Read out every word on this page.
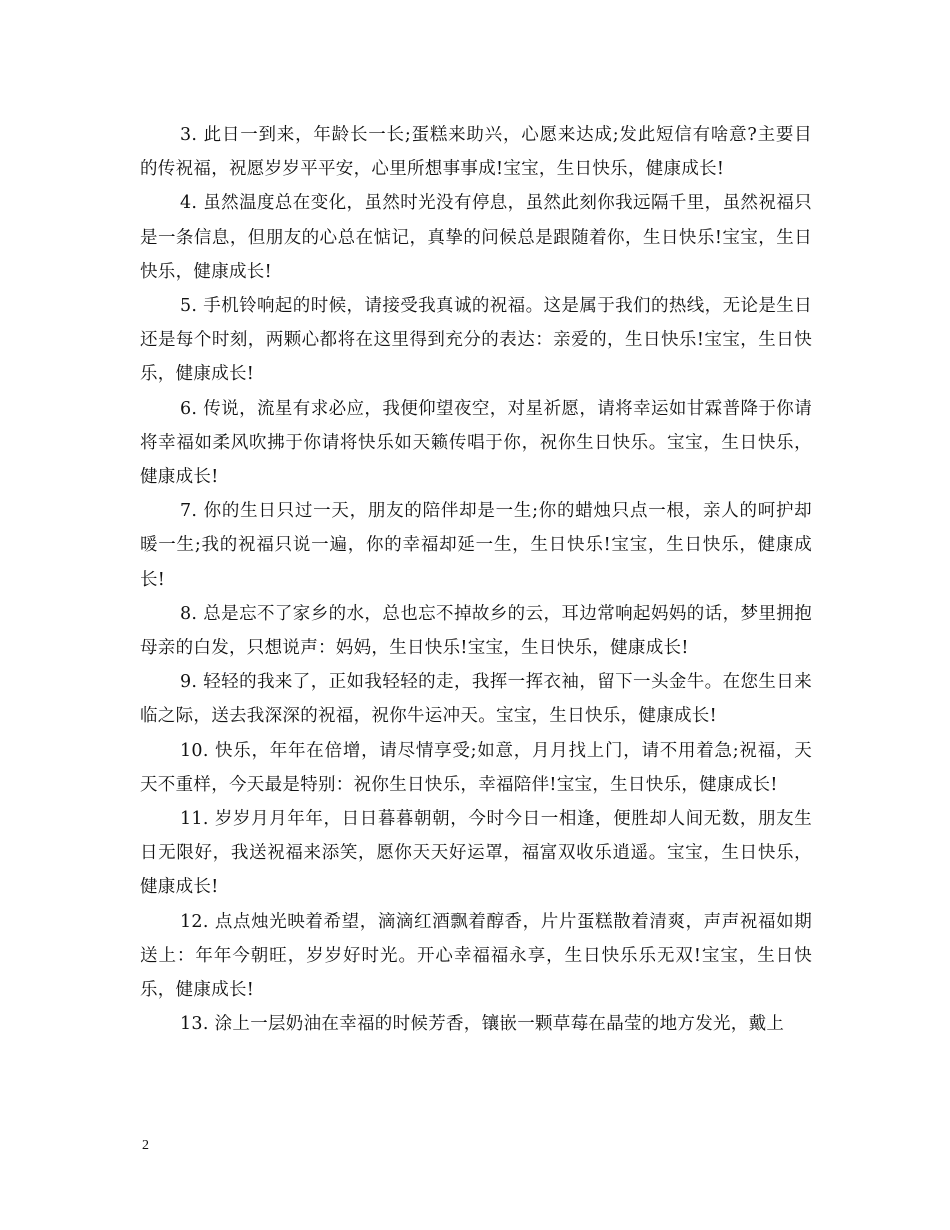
3. 此日一到来，年龄长一长;蛋糕来助兴，心愿来达成;发此短信有啥意?主要目的传祝福，祝愿岁岁平平安，心里所想事事成!宝宝，生日快乐，健康成长!

4. 虽然温度总在变化，虽然时光没有停息，虽然此刻你我远隔千里，虽然祝福只是一条信息，但朋友的心总在惦记，真挚的问候总是跟随着你，生日快乐!宝宝，生日快乐，健康成长!

5. 手机铃响起的时候，请接受我真诚的祝福。这是属于我们的热线，无论是生日还是每个时刻，两颗心都将在这里得到充分的表达：亲爱的，生日快乐!宝宝，生日快乐，健康成长!

6. 传说，流星有求必应，我便仰望夜空，对星祈愿，请将幸运如甘霖普降于你请将幸福如柔风吹拂于你请将快乐如天籁传唱于你，祝你生日快乐。宝宝，生日快乐，健康成长!

7. 你的生日只过一天，朋友的陪伴却是一生;你的蜡烛只点一根，亲人的呵护却暖一生;我的祝福只说一遍，你的幸福却延一生，生日快乐!宝宝，生日快乐，健康成长!

8. 总是忘不了家乡的水，总也忘不掉故乡的云，耳边常响起妈妈的话，梦里拥抱母亲的白发，只想说声：妈妈，生日快乐!宝宝，生日快乐，健康成长!

9. 轻轻的我来了，正如我轻轻的走，我挥一挥衣袖，留下一头金牛。在您生日来临之际，送去我深深的祝福，祝你牛运冲天。宝宝，生日快乐，健康成长!

10. 快乐，年年在倍增，请尽情享受;如意，月月找上门，请不用着急;祝福，天天不重样，今天最是特别：祝你生日快乐，幸福陪伴!宝宝，生日快乐，健康成长!

11. 岁岁月月年年，日日暮暮朝朝，今时今日一相逢，便胜却人间无数，朋友生日无限好，我送祝福来添笑，愿你天天好运罩，福富双收乐逍遥。宝宝，生日快乐，健康成长!

12. 点点烛光映着希望，滴滴红酒飘着醇香，片片蛋糕散着清爽，声声祝福如期送上：年年今朝旺，岁岁好时光。开心幸福福永享，生日快乐乐无双!宝宝，生日快乐，健康成长!

13. 涂上一层奶油在幸福的时候芳香，镶嵌一颗草莓在晶莹的地方发光，戴上

2
